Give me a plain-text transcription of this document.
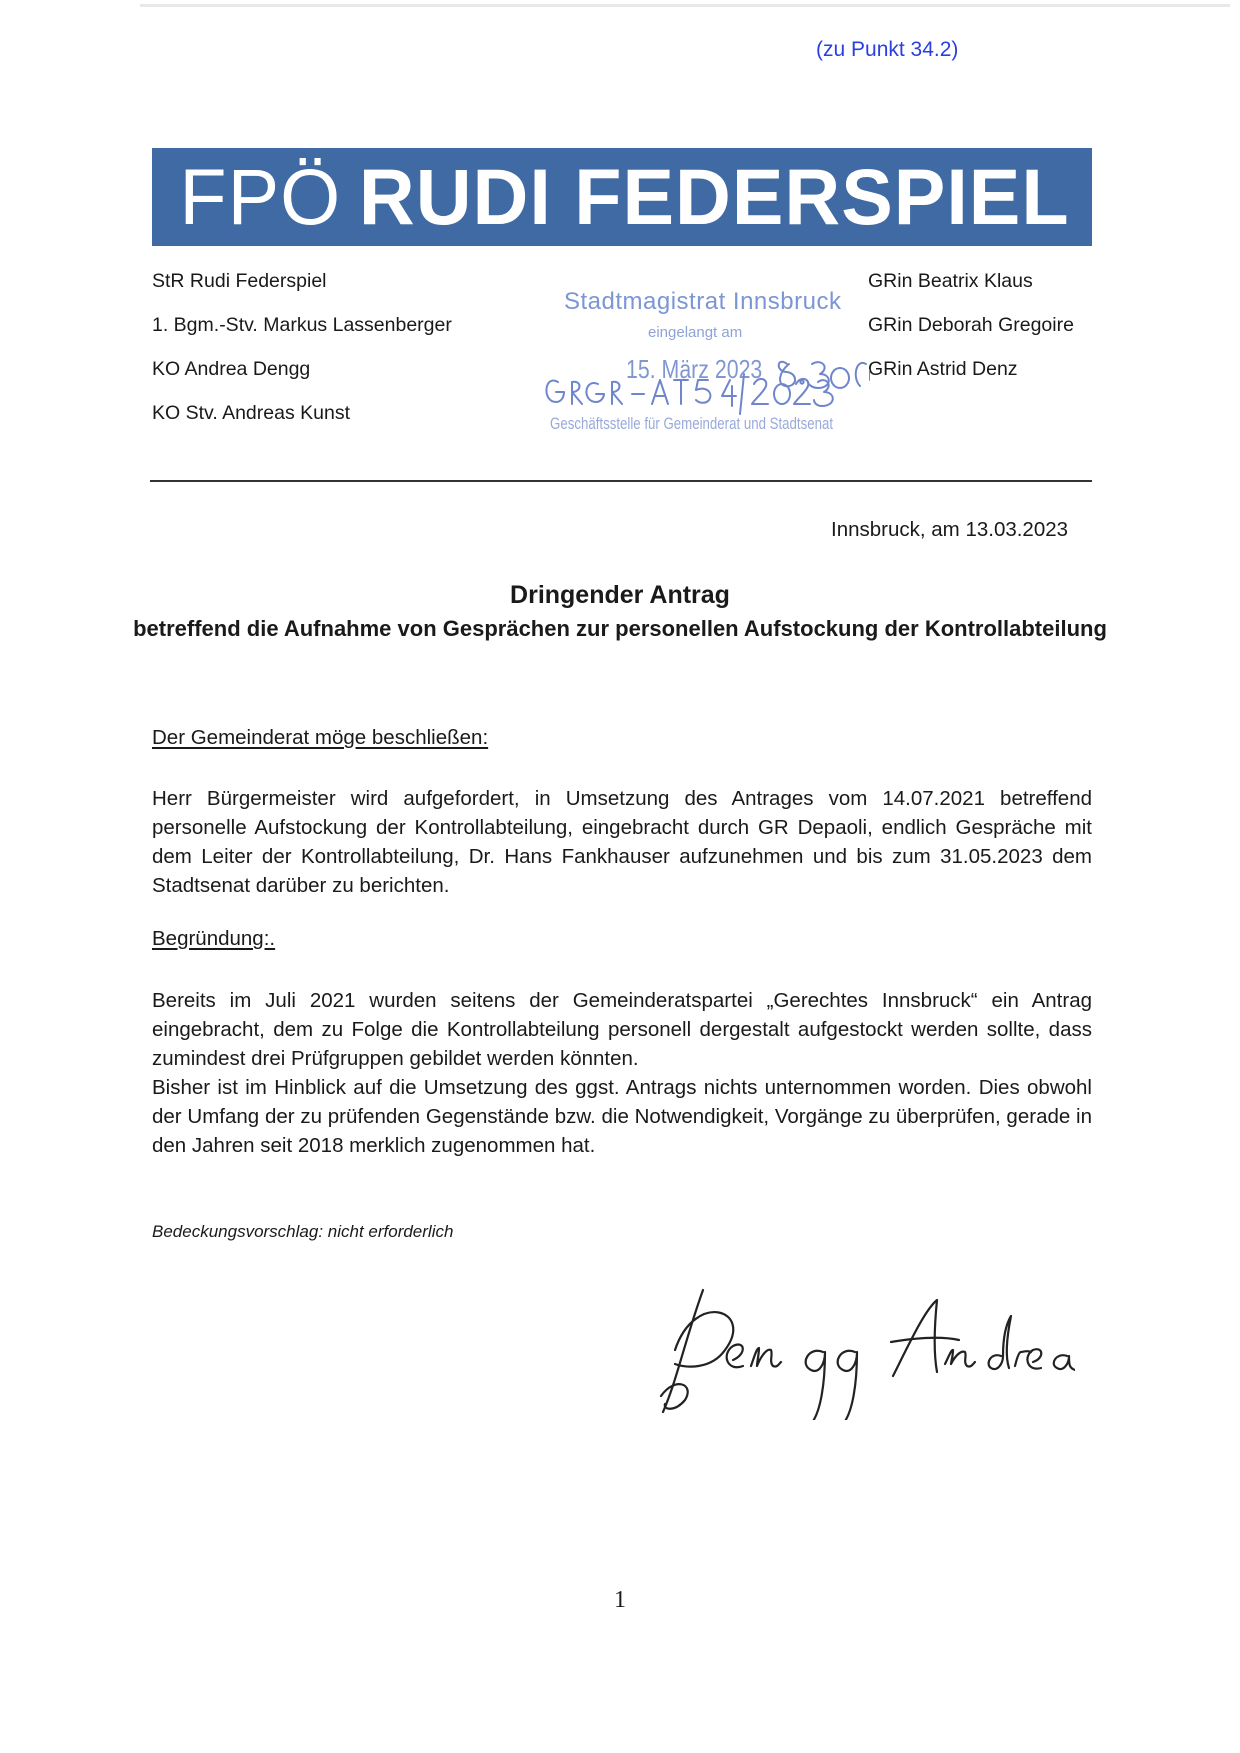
(zu Punkt 34.2)
FPÖ RUDI FEDERSPIEL
StR Rudi Federspiel
1. Bgm.-Stv. Markus Lassenberger
KO Andrea Dengg
KO Stv. Andreas Kunst
GRin Beatrix Klaus
GRin Deborah Gregoire
GRin Astrid Denz
Stadtmagistrat Innsbruck
eingelangt am
15. März 2023
Geschäftsstelle für Gemeinderat und Stadtsenat
Innsbruck, am 13.03.2023
Dringender Antrag
betreffend die Aufnahme von Gesprächen zur personellen Aufstockung der Kontrollabteilung
Der Gemeinderat möge beschließen:
Herr Bürgermeister wird aufgefordert, in Umsetzung des Antrages vom 14.07.2021 betreffend personelle Aufstockung der Kontrollabteilung, eingebracht durch GR Depaoli, endlich Gespräche mit dem Leiter der Kontrollabteilung, Dr. Hans Fankhauser aufzunehmen und bis zum 31.05.2023 dem Stadtsenat darüber zu berichten.
Begründung:.
Bereits im Juli 2021 wurden seitens der Gemeinderatspartei „Gerechtes Innsbruck“ ein Antrag eingebracht, dem zu Folge die Kontrollabteilung personell dergestalt aufgestockt werden sollte, dass zumindest drei Prüfgruppen gebildet werden könnten.
Bisher ist im Hinblick auf die Umsetzung des ggst. Antrags nichts unternommen worden. Dies obwohl der Umfang der zu prüfenden Gegenstände bzw. die Notwendigkeit, Vorgänge zu überprüfen, gerade in den Jahren seit 2018 merklich zugenommen hat.
Bedeckungsvorschlag: nicht erforderlich
1
